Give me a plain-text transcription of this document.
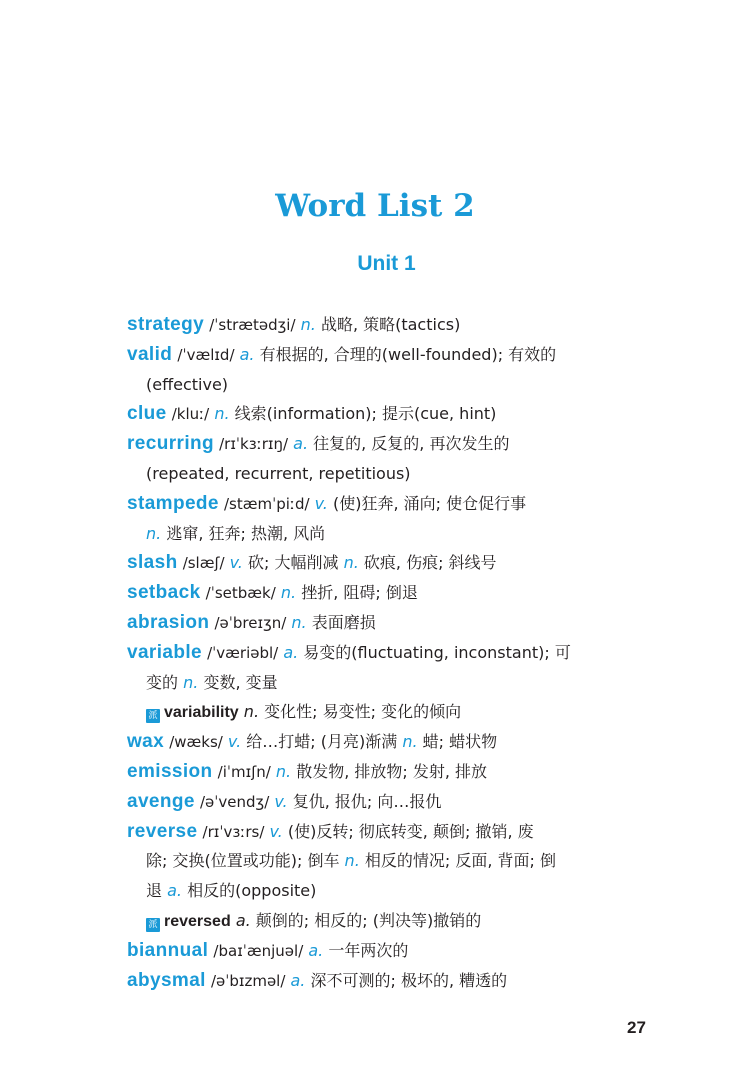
Word List 2
Unit 1
strategy /ˈstrætədʒi/ n. 战略, 策略(tactics)
valid /ˈvælɪd/ a. 有根据的, 合理的(well-founded); 有效的
(effective)
clue /kluː/ n. 线索(information); 提示(cue, hint)
recurring /rɪˈkɜːrɪŋ/ a. 往复的, 反复的, 再次发生的
(repeated, recurrent, repetitious)
stampede /stæmˈpiːd/ v. (使)狂奔, 涌向; 使仓促行事
n. 逃窜, 狂奔; 热潮, 风尚
slash /slæʃ/ v. 砍; 大幅削减 n. 砍痕, 伤痕; 斜线号
setback /ˈsetbæk/ n. 挫折, 阻碍; 倒退
abrasion /əˈbreɪʒn/ n. 表面磨损
variable /ˈværiəbl/ a. 易变的(fluctuating, inconstant); 可
变的 n. 变数, 变量
派 variability n. 变化性; 易变性; 变化的倾向
wax /wæks/ v. 给…打蜡; (月亮)渐满 n. 蜡; 蜡状物
emission /iˈmɪʃn/ n. 散发物, 排放物; 发射, 排放
avenge /əˈvendʒ/ v. 复仇, 报仇; 向…报仇
reverse /rɪˈvɜːrs/ v. (使)反转; 彻底转变, 颠倒; 撤销, 废
除; 交换(位置或功能); 倒车 n. 相反的情况; 反面, 背面; 倒
退 a. 相反的(opposite)
派 reversed a. 颠倒的; 相反的; (判决等)撤销的
biannual /baɪˈænjuəl/ a. 一年两次的
abysmal /əˈbɪzməl/ a. 深不可测的; 极坏的, 糟透的
27
